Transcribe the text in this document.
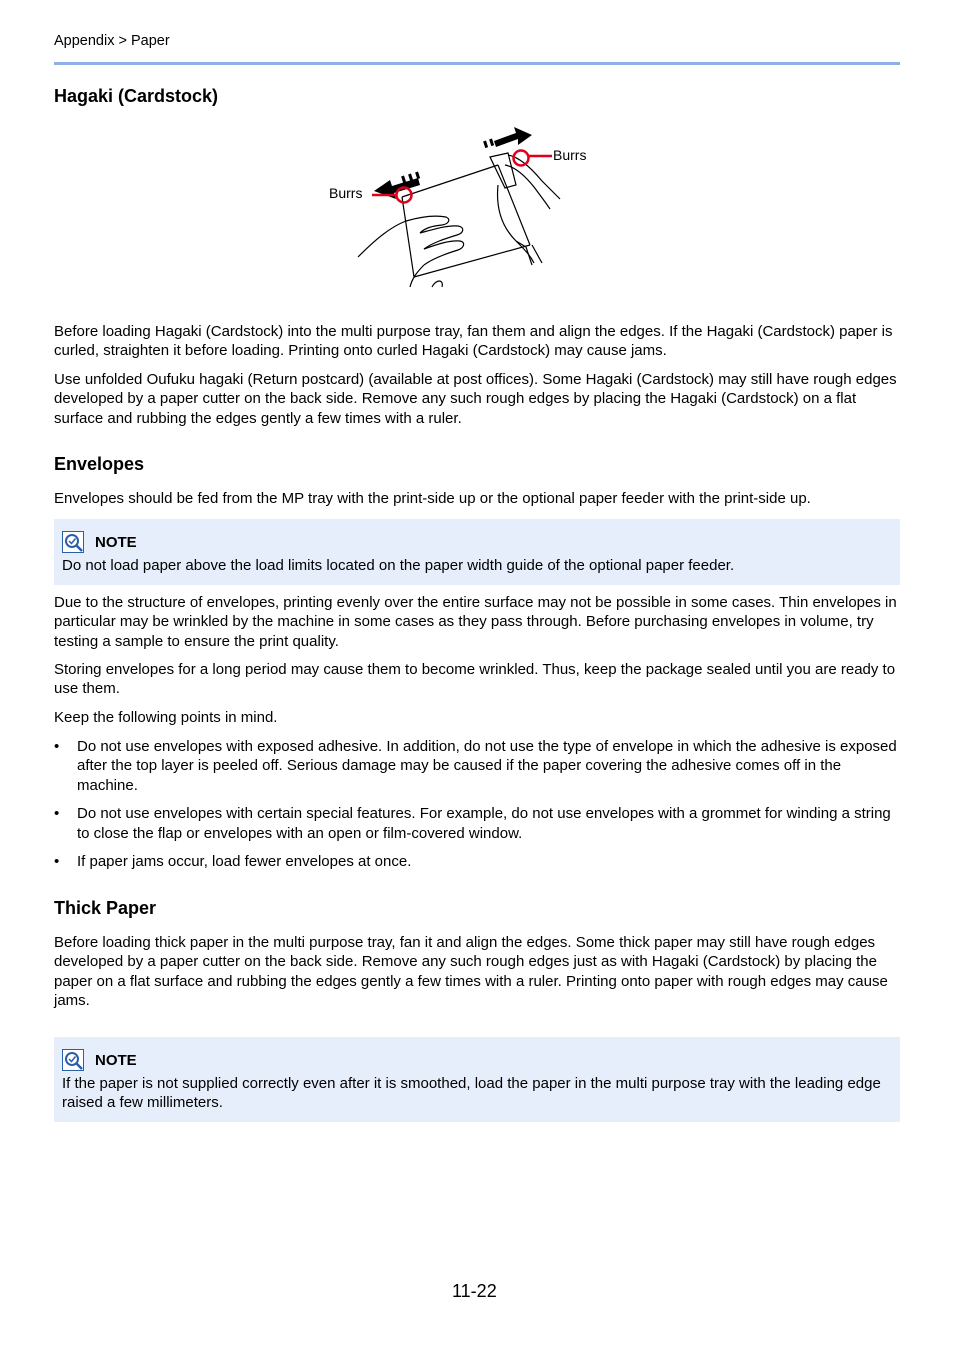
Appendix > Paper
Hagaki (Cardstock)
Burrs
Burrs

Before loading Hagaki (Cardstock) into the multi purpose tray, fan them and align the edges. If the Hagaki (Cardstock) paper is curled, straighten it before loading. Printing onto curled Hagaki (Cardstock) may cause jams.

Use unfolded Oufuku hagaki (Return postcard) (available at post offices). Some Hagaki (Cardstock) may still have rough edges developed by a paper cutter on the back side. Remove any such rough edges by placing the Hagaki (Cardstock) on a flat surface and rubbing the edges gently a few times with a ruler.

Envelopes

Envelopes should be fed from the MP tray with the print-side up or the optional paper feeder with the print-side up.

NOTE
Do not load paper above the load limits located on the paper width guide of the optional paper feeder.

Due to the structure of envelopes, printing evenly over the entire surface may not be possible in some cases. Thin envelopes in particular may be wrinkled by the machine in some cases as they pass through. Before purchasing envelopes in volume, try testing a sample to ensure the print quality.

Storing envelopes for a long period may cause them to become wrinkled. Thus, keep the package sealed until you are ready to use them.

Keep the following points in mind.

• Do not use envelopes with exposed adhesive. In addition, do not use the type of envelope in which the adhesive is exposed after the top layer is peeled off. Serious damage may be caused if the paper covering the adhesive comes off in the machine.
• Do not use envelopes with certain special features. For example, do not use envelopes with a grommet for winding a string to close the flap or envelopes with an open or film-covered window.
• If paper jams occur, load fewer envelopes at once.
Thick Paper

Before loading thick paper in the multi purpose tray, fan it and align the edges. Some thick paper may still have rough edges developed by a paper cutter on the back side. Remove any such rough edges just as with Hagaki (Cardstock) by placing the paper on a flat surface and rubbing the edges gently a few times with a ruler. Printing onto paper with rough edges may cause jams.

NOTE
If the paper is not supplied correctly even after it is smoothed, load the paper in the multi purpose tray with the leading edge raised a few millimeters.
11-22
